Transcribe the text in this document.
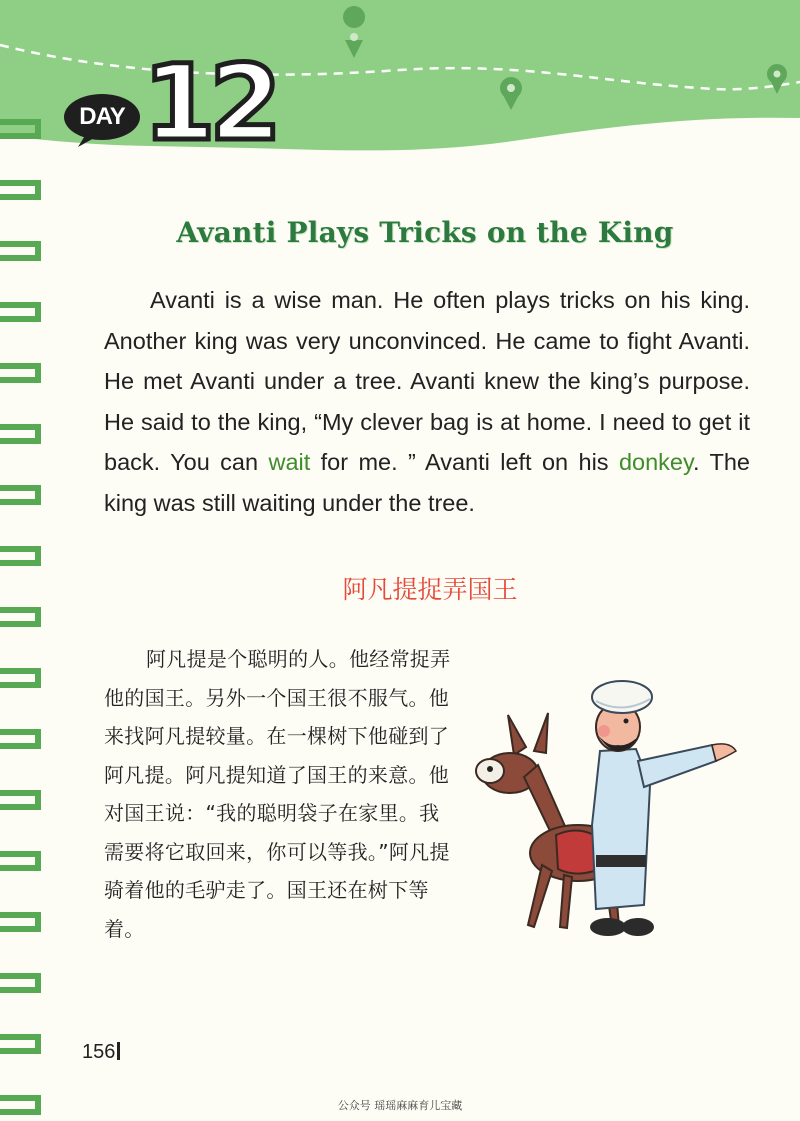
DAY 12
Avanti Plays Tricks on the King

Avanti is a wise man. He often plays tricks on his king. Another king was very unconvinced. He came to fight Avanti. He met Avanti under a tree. Avanti knew the king’s purpose. He said to the king, “My clever bag is at home. I need to get it back. You can wait for me. ” Avanti left on his donkey. The king was still waiting under the tree.

阿凡提捉弄国王

阿凡提是个聪明的人。他经常捉弄他的国王。另外一个国王很不服气。他来找阿凡提较量。在一棵树下他碰到了阿凡提。阿凡提知道了国王的来意。他对国王说：“我的聪明袋子在家里。我需要将它取回来，你可以等我。”阿凡提骑着他的毛驴走了。国王还在树下等着。

156
公众号 瑶瑶麻麻育儿宝藏
